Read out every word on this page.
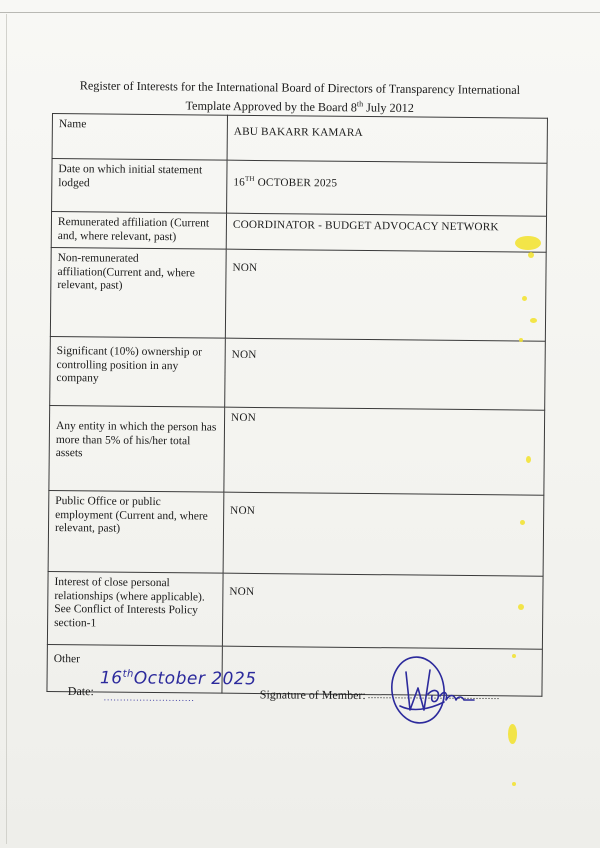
Register of Interests for the International Board of Directors of Transparency International
Template Approved by the Board 8th July 2012
Name	ABU BAKARR KAMARA
Date on which initial statement lodged	16TH OCTOBER 2025
Remunerated affiliation (Current and, where relevant, past)	COORDINATOR - BUDGET ADVOCACY NETWORK
Non-remunerated affiliation(Current and, where relevant, past)	NON
Significant (10%) ownership or controlling position in any company	NON
Any entity in which the person has more than 5% of his/her total assets	NON
Public Office or public employment (Current and, where relevant, past)	NON
Interest of close personal relationships (where applicable). See Conflict of Interests Policy section-1	NON
Other	
Date:
16thOctober 2025
............................	Signature of Member: ............................................
